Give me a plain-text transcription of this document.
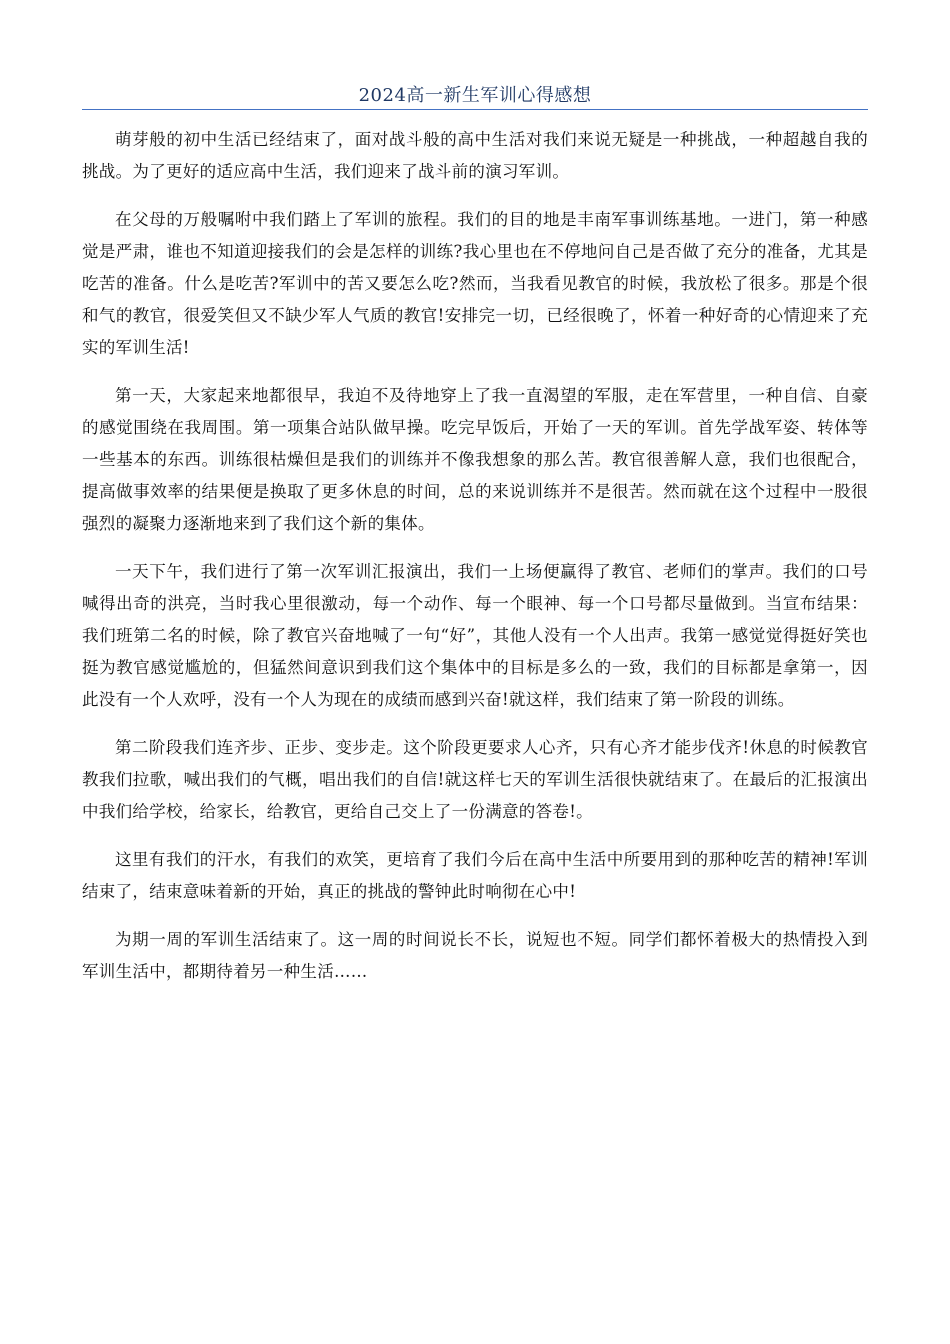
2024高一新生军训心得感想

萌芽般的初中生活已经结束了，面对战斗般的高中生活对我们来说无疑是一种挑战，一种超越自我的挑战。为了更好的适应高中生活，我们迎来了战斗前的演习军训。

在父母的万般嘱咐中我们踏上了军训的旅程。我们的目的地是丰南军事训练基地。一进门，第一种感觉是严肃，谁也不知道迎接我们的会是怎样的训练?我心里也在不停地问自己是否做了充分的准备，尤其是吃苦的准备。什么是吃苦?军训中的苦又要怎么吃?然而，当我看见教官的时候，我放松了很多。那是个很和气的教官，很爱笑但又不缺少军人气质的教官!安排完一切，已经很晚了，怀着一种好奇的心情迎来了充实的军训生活!

第一天，大家起来地都很早，我迫不及待地穿上了我一直渴望的军服，走在军营里，一种自信、自豪的感觉围绕在我周围。第一项集合站队做早操。吃完早饭后，开始了一天的军训。首先学战军姿、转体等一些基本的东西。训练很枯燥但是我们的训练并不像我想象的那么苦。教官很善解人意，我们也很配合，提高做事效率的结果便是换取了更多休息的时间，总的来说训练并不是很苦。然而就在这个过程中一股很强烈的凝聚力逐渐地来到了我们这个新的集体。

一天下午，我们进行了第一次军训汇报演出，我们一上场便赢得了教官、老师们的掌声。我们的口号喊得出奇的洪亮，当时我心里很激动，每一个动作、每一个眼神、每一个口号都尽量做到。当宣布结果：我们班第二名的时候，除了教官兴奋地喊了一句“好”，其他人没有一个人出声。我第一感觉觉得挺好笑也挺为教官感觉尴尬的，但猛然间意识到我们这个集体中的目标是多么的一致，我们的目标都是拿第一，因此没有一个人欢呼，没有一个人为现在的成绩而感到兴奋!就这样，我们结束了第一阶段的训练。

第二阶段我们连齐步、正步、变步走。这个阶段更要求人心齐，只有心齐才能步伐齐!休息的时候教官教我们拉歌，喊出我们的气概，唱出我们的自信!就这样七天的军训生活很快就结束了。在最后的汇报演出中我们给学校，给家长，给教官，更给自己交上了一份满意的答卷!。

这里有我们的汗水，有我们的欢笑，更培育了我们今后在高中生活中所要用到的那种吃苦的精神!军训结束了，结束意味着新的开始，真正的挑战的警钟此时响彻在心中!

为期一周的军训生活结束了。这一周的时间说长不长，说短也不短。同学们都怀着极大的热情投入到军训生活中，都期待着另一种生活……
